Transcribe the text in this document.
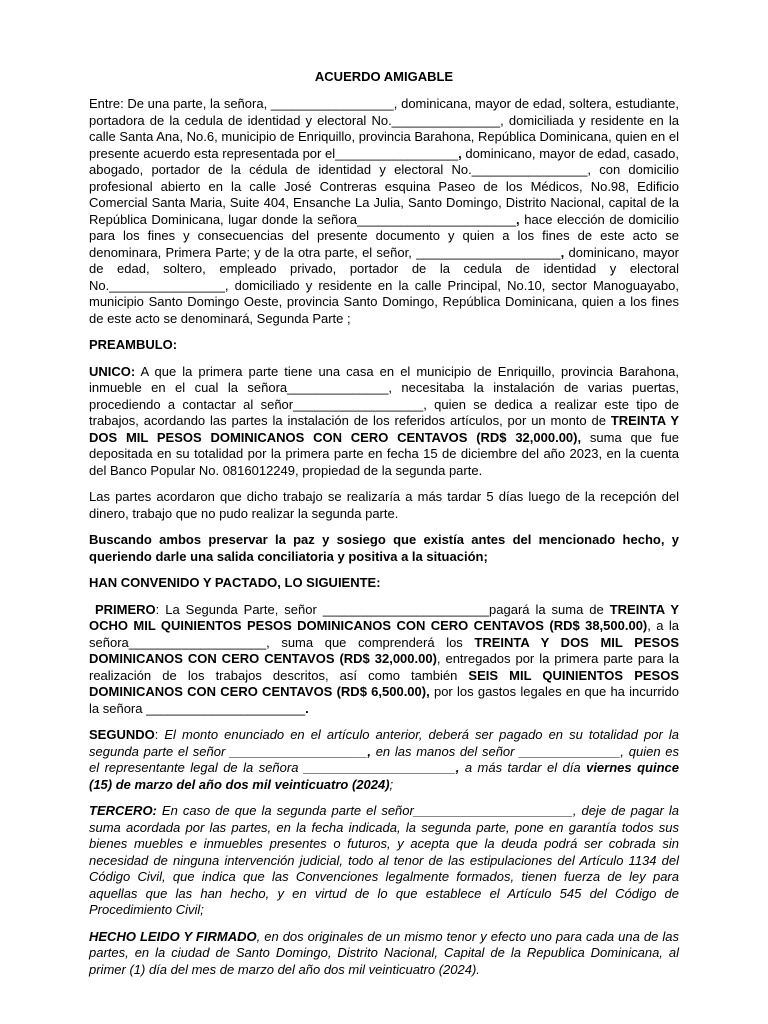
ACUERDO AMIGABLE

Entre: De una parte, la señora, _________________, dominicana, mayor de edad, soltera, estudiante, portadora de la cedula de identidad y electoral No._______________, domiciliada y residente en la calle Santa Ana, No.6, municipio de Enriquillo, provincia Barahona, República Dominicana, quien en el presente acuerdo esta representada por el_________________, dominicano, mayor de edad, casado, abogado, portador de la cédula de identidad y electoral No.________________, con domicilio profesional abierto en la calle José Contreras esquina Paseo de los Médicos, No.98, Edificio Comercial Santa Maria, Suite 404, Ensanche La Julia, Santo Domingo, Distrito Nacional, capital de la República Dominicana, lugar donde la señora______________________, hace elección de domicilio para los fines y consecuencias del presente documento y quien a los fines de este acto se denominara, Primera Parte; y de la otra parte, el señor, ____________________, dominicano, mayor de edad, soltero, empleado privado, portador de la cedula de identidad y electoral No.________________, domiciliado y residente en la calle Principal, No.10, sector Manoguayabo, municipio Santo Domingo Oeste, provincia Santo Domingo, República Dominicana, quien a los fines de este acto se denominará, Segunda Parte ;

PREAMBULO:

UNICO: A que la primera parte tiene una casa en el municipio de Enriquillo, provincia Barahona, inmueble en el cual la señora______________, necesitaba la instalación de varias puertas, procediendo a contactar al señor__________________, quien se dedica a realizar este tipo de trabajos, acordando las partes la instalación de los referidos artículos, por un monto de TREINTA Y DOS MIL PESOS DOMINICANOS CON CERO CENTAVOS (RD$ 32,000.00), suma que fue depositada en su totalidad por la primera parte en fecha 15 de diciembre del año 2023, en la cuenta del Banco Popular No. 0816012249, propiedad de la segunda parte.

Las partes acordaron que dicho trabajo se realizaría a más tardar 5 días luego de la recepción del dinero, trabajo que no pudo realizar la segunda parte.

Buscando ambos preservar la paz y sosiego que existía antes del mencionado hecho, y queriendo darle una salida conciliatoria y positiva a la situación;

HAN CONVENIDO Y PACTADO, LO SIGUIENTE:

PRIMERO: La Segunda Parte, señor _______________________pagará la suma de TREINTA Y OCHO MIL QUINIENTOS PESOS DOMINICANOS CON CERO CENTAVOS (RD$ 38,500.00), a la señora___________________, suma que comprenderá los TREINTA Y DOS MIL PESOS DOMINICANOS CON CERO CENTAVOS (RD$ 32,000.00), entregados por la primera parte para la realización de los trabajos descritos, así como también SEIS MIL QUINIENTOS PESOS DOMINICANOS CON CERO CENTAVOS (RD$ 6,500.00), por los gastos legales en que ha incurrido la señora ______________________.

SEGUNDO: El monto enunciado en el artículo anterior, deberá ser pagado en su totalidad por la segunda parte el señor ___________________, en las manos del señor ______________, quien es el representante legal de la señora _____________________, a más tardar el día viernes quince (15) de marzo del año dos mil veinticuatro (2024);

TERCERO: En caso de que la segunda parte el señor______________________, deje de pagar la suma acordada por las partes, en la fecha indicada, la segunda parte, pone en garantía todos sus bienes muebles e inmuebles presentes o futuros, y acepta que la deuda podrá ser cobrada sin necesidad de ninguna intervención judicial, todo al tenor de las estipulaciones del Artículo 1134 del Código Civil, que indica que las Convenciones legalmente formados, tienen fuerza de ley para aquellas que las han hecho, y en virtud de lo que establece el Artículo 545 del Código de Procedimiento Civil;

HECHO LEIDO Y FIRMADO, en dos originales de un mismo tenor y efecto uno para cada una de las partes, en la ciudad de Santo Domingo, Distrito Nacional, Capital de la Republica Dominicana, al primer (1) día del mes de marzo del año dos mil veinticuatro (2024).
